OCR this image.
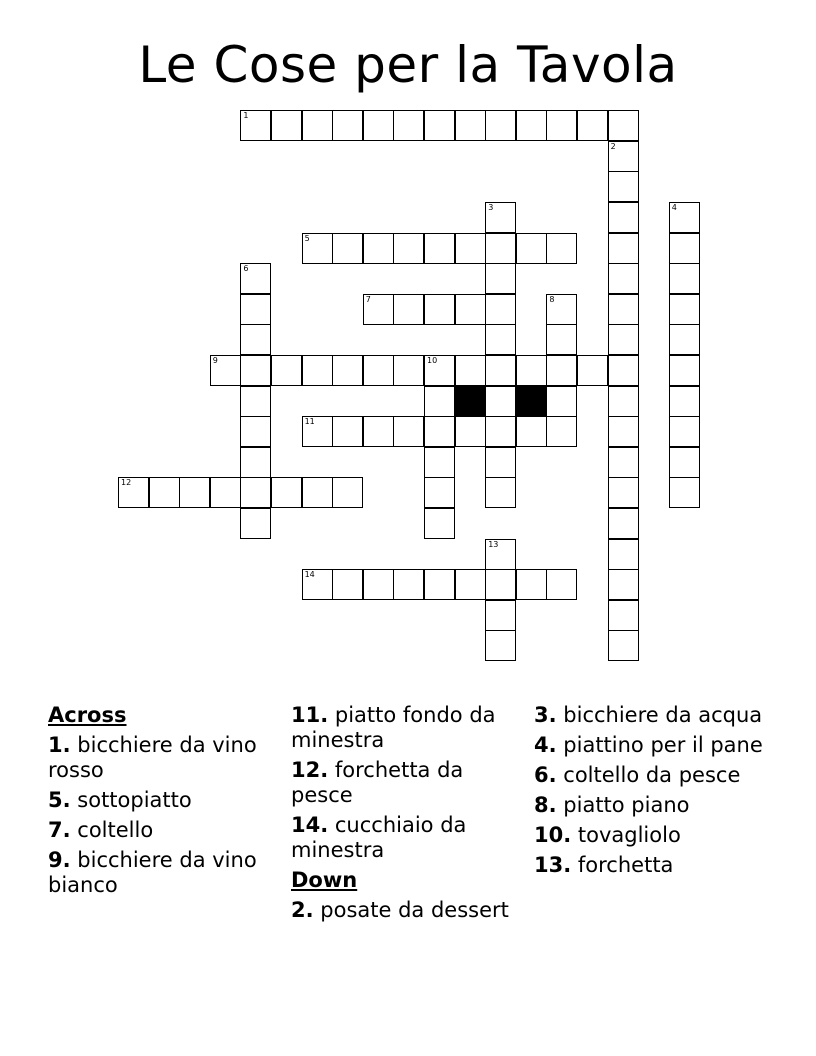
Le Cose per la Tavola
1
2
3	4
5
6
7	8
9	10
11
12
13
14
Across
1. bicchiere da vino rosso
5. sottopiatto
7. coltello
9. bicchiere da vino bianco
11. piatto fondo da minestra
12. forchetta da pesce
14. cucchiaio da minestra
Down
2. posate da dessert
3. bicchiere da acqua
4. piattino per il pane
6. coltello da pesce
8. piatto piano
10. tovagliolo
13. forchetta
